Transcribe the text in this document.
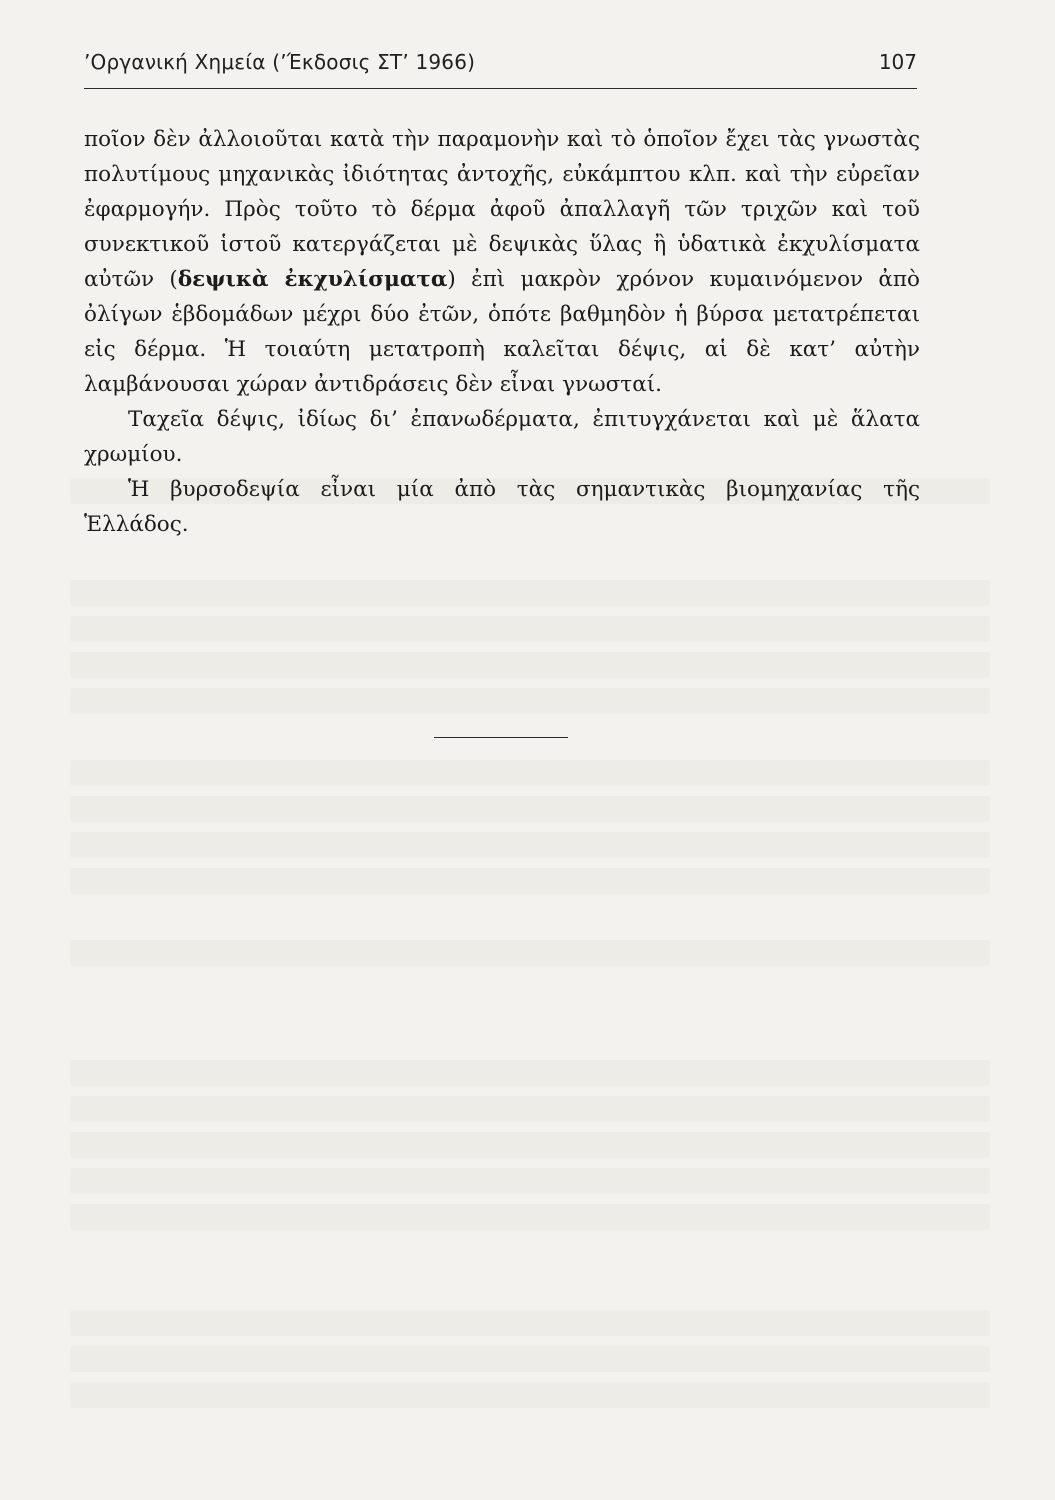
’Οργανική Χημεία (’Έκδοσις ΣΤ’ 1966)	107

ποῖον δὲν ἀλλοιοῦται κατὰ τὴν παραμονὴν καὶ τὸ ὁποῖον ἔχει τὰς γνωστὰς πολυτίμους μηχανικὰς ἰδιότητας ἀντοχῆς, εὐκάμπτου κλπ. καὶ τὴν εὐρεῖαν ἐφαρμογήν. Πρὸς τοῦτο τὸ δέρμα ἀφοῦ ἀπαλλαγῆ τῶν τριχῶν καὶ τοῦ συνεκτικοῦ ἱστοῦ κατεργάζεται μὲ δεψικὰς ὕλας ἢ ὑδατικὰ ἐκχυλίσματα αὐτῶν (δεψικὰ ἐκχυλίσματα) ἐπὶ μακρὸν χρόνον κυμαινόμενον ἀπὸ ὀλίγων ἑβδομάδων μέχρι δύο ἐτῶν, ὁπότε βαθμηδὸν ἡ βύρσα μετατρέπεται εἰς δέρμα. Ἡ τοιαύτη μετατροπὴ καλεῖται δέψις, αἱ δὲ κατ’ αὐτὴν λαμβάνουσαι χώραν ἀντιδράσεις δὲν εἶναι γνωσταί.

Ταχεῖα δέψις, ἰδίως δι’ ἐπανωδέρματα, ἐπιτυγχάνεται καὶ μὲ ἅλατα χρωμίου.

Ἡ βυρσοδεψία εἶναι μία ἀπὸ τὰς σημαντικὰς βιομηχανίας τῆς Ἑλλάδος.
